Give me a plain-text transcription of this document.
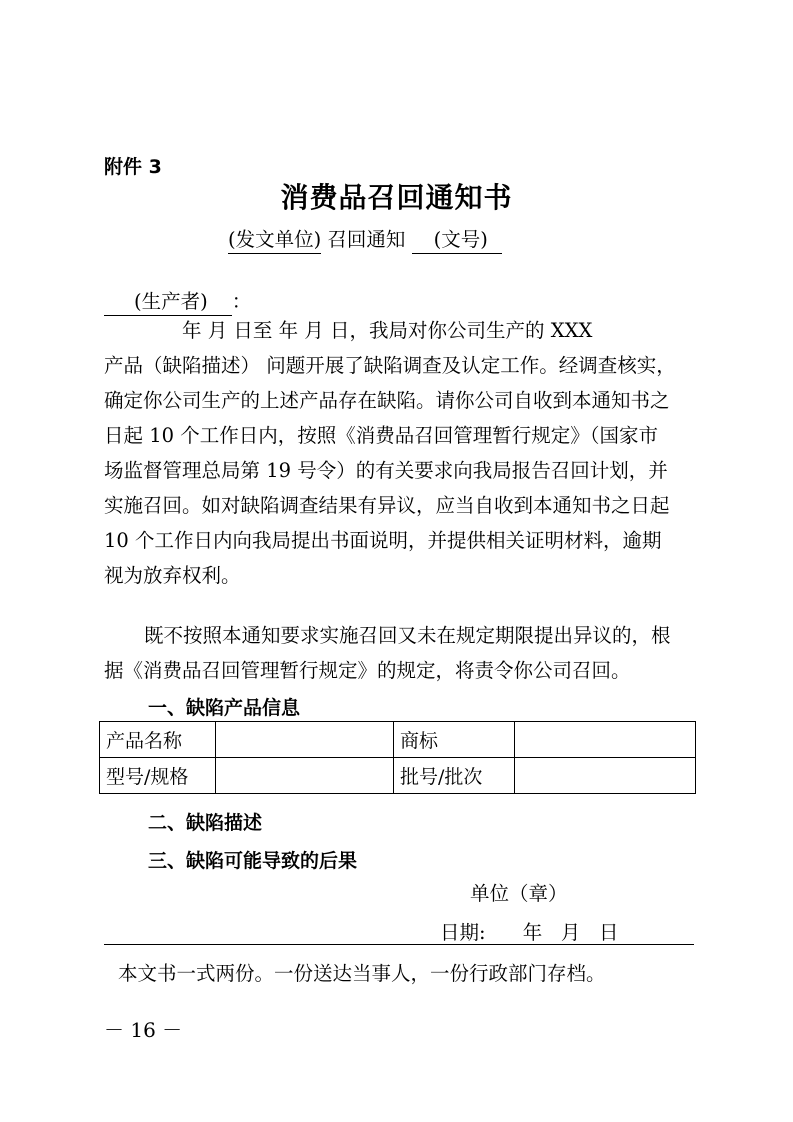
附件 3
消费品召回通知书
(发文单位) 召回通知 (文号)
(生产者) ：
年 月 日至 年 月 日，我局对你公司生产的 XXX
产品（缺陷描述） 问题开展了缺陷调查及认定工作。经调查核实，
确定你公司生产的上述产品存在缺陷。请你公司自收到本通知书之
日起 10 个工作日内，按照《消费品召回管理暂行规定》（国家市
场监督管理总局第 19 号令）的有关要求向我局报告召回计划，并
实施召回。如对缺陷调查结果有异议，应当自收到本通知书之日起
10 个工作日内向我局提出书面说明，并提供相关证明材料，逾期
视为放弃权利。
既不按照本通知要求实施召回又未在规定期限提出异议的，根
据《消费品召回管理暂行规定》的规定，将责令你公司召回。
一、缺陷产品信息
产品名称		商标	
型号/规格		批号/批次	
二、缺陷描述
三、缺陷可能导致的后果
单位（章）
日期:      年   月   日
本文书一式两份。一份送达当事人，一份行政部门存档。
－ 16 －
